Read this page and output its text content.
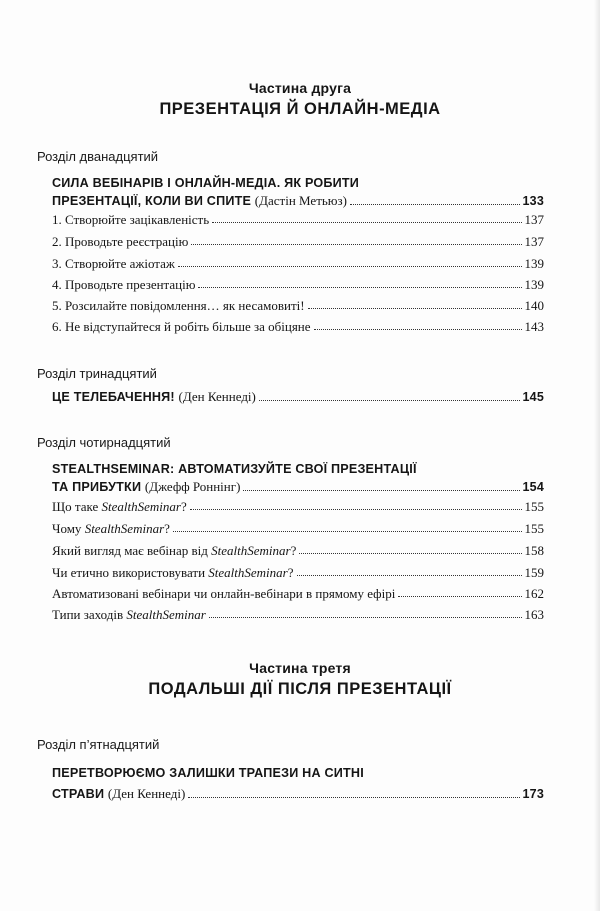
Частина друга
ПРЕЗЕНТАЦІЯ Й ОНЛАЙН-МЕДІА
Розділ дванадцятий
СИЛА ВЕБІНАРІВ І ОНЛАЙН-МЕДІА. ЯК РОБИТИ
ПРЕЗЕНТАЦІЇ, КОЛИ ВИ СПИТЕ (Дастін Метьюз)	133
1. Створюйте зацікавленість	137
2. Проводьте реєстрацію	137
3. Створюйте ажіотаж	139
4. Проводьте презентацію	139
5. Розсилайте повідомлення… як несамовиті!	140
6. Не відступайтеся й робіть більше за обіцяне	143
Розділ тринадцятий
ЦЕ ТЕЛЕБАЧЕННЯ! (Ден Кеннеді)	145
Розділ чотирнадцятий
STEALTHSEMINAR: АВТОМАТИЗУЙТЕ СВОЇ ПРЕЗЕНТАЦІЇ
ТА ПРИБУТКИ (Джефф Роннінг)	154
Що таке StealthSeminar?	155
Чому StealthSeminar?	155
Який вигляд має вебінар від StealthSeminar?	158
Чи етично використовувати StealthSeminar?	159
Автоматизовані вебінари чи онлайн-вебінари в прямому ефірі	162
Типи заходів StealthSeminar	163
Частина третя
ПОДАЛЬШІ ДІЇ ПІСЛЯ ПРЕЗЕНТАЦІЇ
Розділ п’ятнадцятий
ПЕРЕТВОРЮЄМО ЗАЛИШКИ ТРАПЕЗИ НА СИТНІ
СТРАВИ (Ден Кеннеді)	173
